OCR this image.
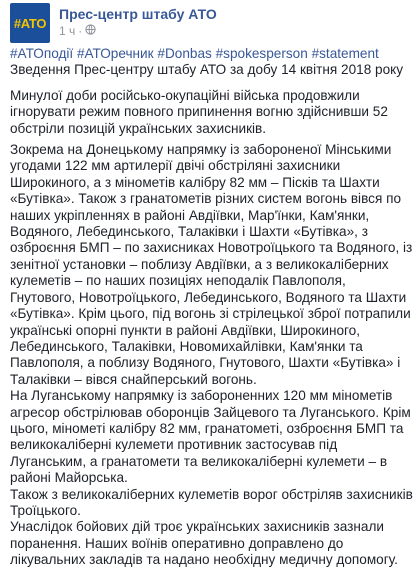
#ATO
Прес-центр штабу АТО
1 ч ·

#АТОподії #АТОречник #Donbas #spokesperson #statement

Зведення Прес-центру штабу АТО за добу 14 квітня 2018 року

Минулої доби російсько-окупаційні війська продовжили ігнорувати режим повного припинення вогню здійснивши 52 обстріли позицій українських захисників.

Зокрема на Донецькому напрямку із забороненої Мінськими угодами 122 мм артилерії двічі обстріляні захисники Широкиного, а з мінометів калібру 82 мм – Пісків та Шахти «Бутівка». Також з гранатометів різних систем вогонь вівся по наших укріпленнях в районі Авдіївки, Мар'їнки, Кам'янки, Водяного, Лебединського, Талаківки і Шахти «Бутівка», з озброєння БМП – по захисниках Новотроїцького та Водяного, із зенітної установки – поблизу Авдіївки, а з великокаліберних кулеметів – по наших позиціях неподалік Павлополя, Гнутового, Новотроїцького, Лебединського, Водяного та Шахти «Бутівка». Крім цього, під вогонь зі стрілецької зброї потрапили українські опорні пункти в районі Авдіївки, Широкиного, Лебединського, Талаківки, Новомихайлівки, Кам'янки та Павлополя, а поблизу Водяного, Гнутового, Шахти «Бутівка» і Талаківки – вівся снайперський вогонь.

На Луганському напрямку із забороненних 120 мм мінометів агресор обстрілював оборонців Зайцевого та Луганського. Крім цього, мінометі калібру 82 мм, гранатометі, озброєння БМП та великокаліберні кулемети противник застосував під Луганським, а гранатомети та великокаліберні кулемети – в районі Майорська.

Також з великокаліберних кулеметів ворог обстріляв захисників Троїцького.

Унаслідок бойових дій троє українських захисників зазнали поранення. Наших воїнів оперативно доправлено до лікувальних закладів та надано необхідну медичну допомогу.
